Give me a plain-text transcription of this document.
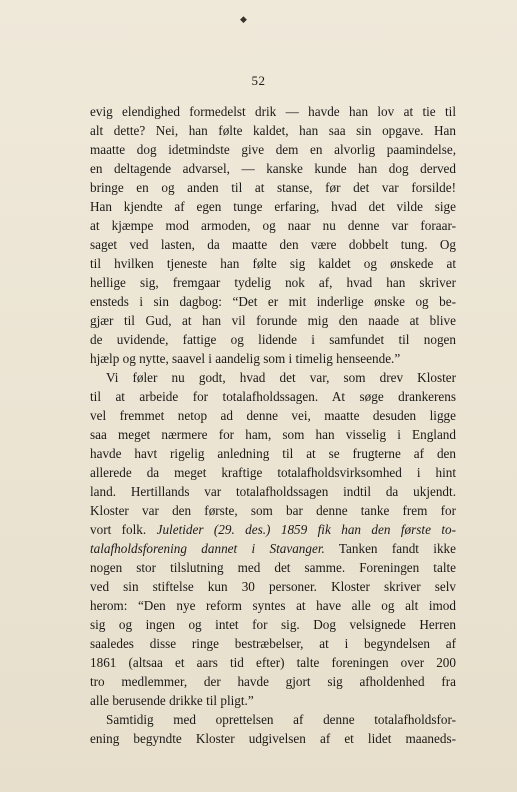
◆
52
evig elendighed formedelst drik — havde han lov at tie til
alt dette? Nei, han følte kaldet, han saa sin opgave. Han
maatte dog idetmindste give dem en alvorlig paamindelse,
en deltagende advarsel, — kanske kunde han dog derved
bringe en og anden til at stanse, før det var forsilde!
Han kjendte af egen tunge erfaring, hvad det vilde sige
at kjæmpe mod armoden, og naar nu denne var foraar-
saget ved lasten, da maatte den være dobbelt tung. Og
til hvilken tjeneste han følte sig kaldet og ønskede at
hellige sig, fremgaar tydelig nok af, hvad han skriver
ensteds i sin dagbog: “Det er mit inderlige ønske og be-
gjær til Gud, at han vil forunde mig den naade at blive
de uvidende, fattige og lidende i samfundet til nogen
hjælp og nytte, saavel i aandelig som i timelig henseende.”
Vi føler nu godt, hvad det var, som drev Kloster
til at arbeide for totalafholdssagen. At søge drankerens
vel fremmet netop ad denne vei, maatte desuden ligge
saa meget nærmere for ham, som han visselig i England
havde havt rigelig anledning til at se frugterne af den
allerede da meget kraftige totalafholdsvirksomhed i hint
land. Hertillands var totalafholdssagen indtil da ukjendt.
Kloster var den første, som bar denne tanke frem for
vort folk. Juletider (29. des.) 1859 fik han den første to-
talafholdsforening dannet i Stavanger. Tanken fandt ikke
nogen stor tilslutning med det samme. Foreningen talte
ved sin stiftelse kun 30 personer. Kloster skriver selv
herom: “Den nye reform syntes at have alle og alt imod
sig og ingen og intet for sig. Dog velsignede Herren
saaledes disse ringe bestræbelser, at i begyndelsen af
1861 (altsaa et aars tid efter) talte foreningen over 200
tro medlemmer, der havde gjort sig afholdenhed fra
alle berusende drikke til pligt.”
Samtidig med oprettelsen af denne totalafholdsfor-
ening begyndte Kloster udgivelsen af et lidet maaneds-
